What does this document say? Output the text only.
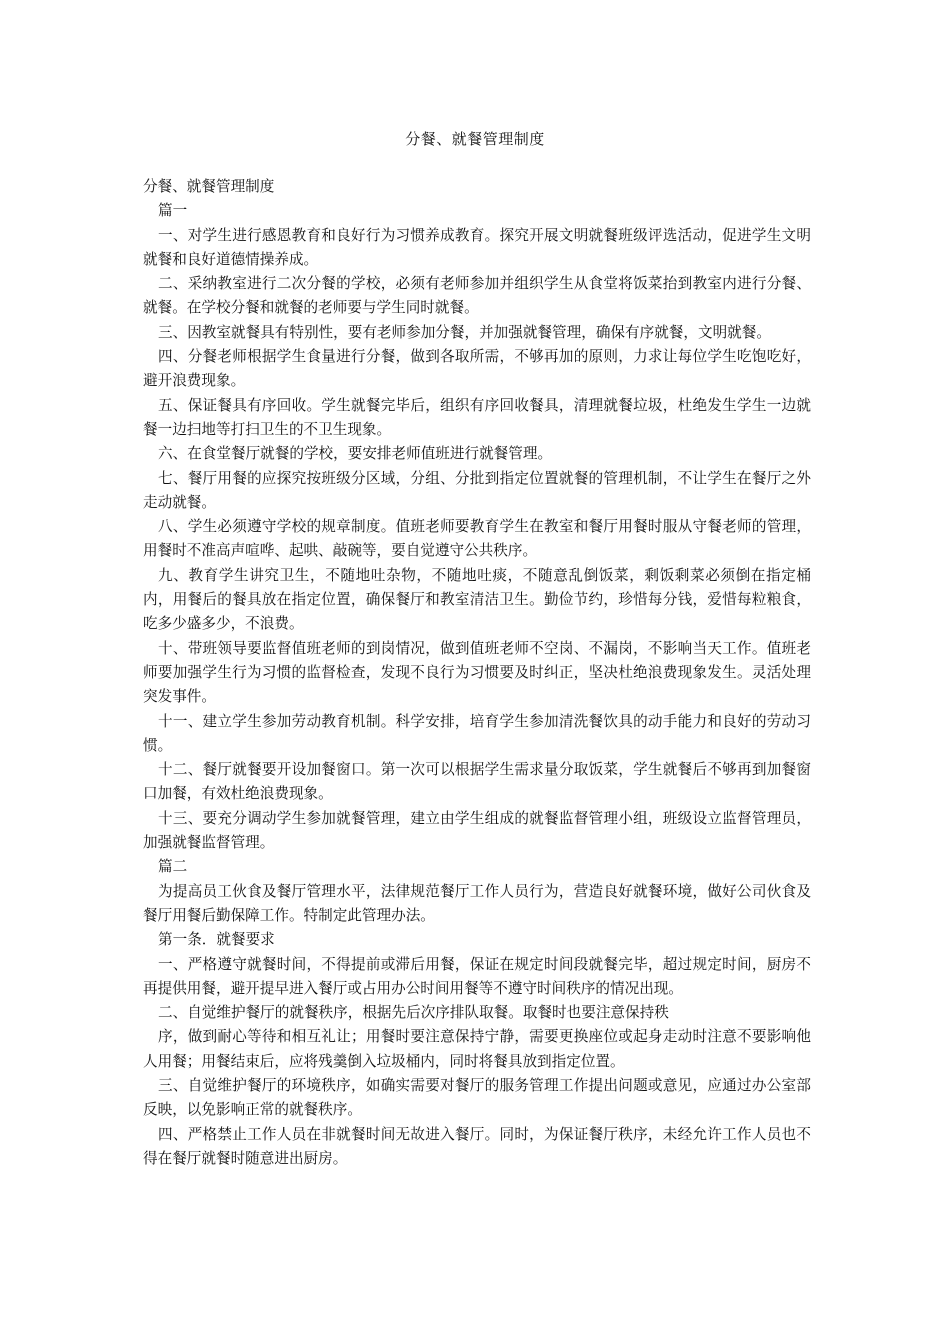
分餐、就餐管理制度

分餐、就餐管理制度

篇一

一、对学生进行感恩教育和良好行为习惯养成教育。探究开展文明就餐班级评选活动，促进学生文明就餐和良好道德情操养成。

二、采纳教室进行二次分餐的学校，必须有老师参加并组织学生从食堂将饭菜抬到教室内进行分餐、就餐。在学校分餐和就餐的老师要与学生同时就餐。

三、因教室就餐具有特别性，要有老师参加分餐，并加强就餐管理，确保有序就餐，文明就餐。

四、分餐老师根据学生食量进行分餐，做到各取所需，不够再加的原则，力求让每位学生吃饱吃好，避开浪费现象。

五、保证餐具有序回收。学生就餐完毕后，组织有序回收餐具，清理就餐垃圾，杜绝发生学生一边就餐一边扫地等打扫卫生的不卫生现象。

六、在食堂餐厅就餐的学校，要安排老师值班进行就餐管理。

七、餐厅用餐的应探究按班级分区域，分组、分批到指定位置就餐的管理机制，不让学生在餐厅之外走动就餐。

八、学生必须遵守学校的规章制度。值班老师要教育学生在教室和餐厅用餐时服从守餐老师的管理，用餐时不准高声喧哗、起哄、敲碗等，要自觉遵守公共秩序。

九、教育学生讲究卫生，不随地吐杂物，不随地吐痰，不随意乱倒饭菜，剩饭剩菜必须倒在指定桶内，用餐后的餐具放在指定位置，确保餐厅和教室清洁卫生。勤俭节约，珍惜每分钱，爱惜每粒粮食，吃多少盛多少，不浪费。

十、带班领导要监督值班老师的到岗情况，做到值班老师不空岗、不漏岗，不影响当天工作。值班老师要加强学生行为习惯的监督检查，发现不良行为习惯要及时纠正，坚决杜绝浪费现象发生。灵活处理突发事件。

十一、建立学生参加劳动教育机制。科学安排，培育学生参加清洗餐饮具的动手能力和良好的劳动习惯。

十二、餐厅就餐要开设加餐窗口。第一次可以根据学生需求量分取饭菜，学生就餐后不够再到加餐窗口加餐，有效杜绝浪费现象。

十三、要充分调动学生参加就餐管理，建立由学生组成的就餐监督管理小组，班级设立监督管理员，加强就餐监督管理。

篇二

为提高员工伙食及餐厅管理水平，法律规范餐厅工作人员行为，营造良好就餐环境，做好公司伙食及餐厅用餐后勤保障工作。特制定此管理办法。

第一条．就餐要求

一、严格遵守就餐时间，不得提前或滞后用餐，保证在规定时间段就餐完毕，超过规定时间，厨房不再提供用餐，避开提早进入餐厅或占用办公时间用餐等不遵守时间秩序的情况出现。

二、自觉维护餐厅的就餐秩序，根据先后次序排队取餐。取餐时也要注意保持秩

序，做到耐心等待和相互礼让；用餐时要注意保持宁静，需要更换座位或起身走动时注意不要影响他人用餐；用餐结束后，应将残羹倒入垃圾桶内，同时将餐具放到指定位置。

三、自觉维护餐厅的环境秩序，如确实需要对餐厅的服务管理工作提出问题或意见，应通过办公室部反映，以免影响正常的就餐秩序。

四、严格禁止工作人员在非就餐时间无故进入餐厅。同时，为保证餐厅秩序，未经允许工作人员也不得在餐厅就餐时随意进出厨房。
